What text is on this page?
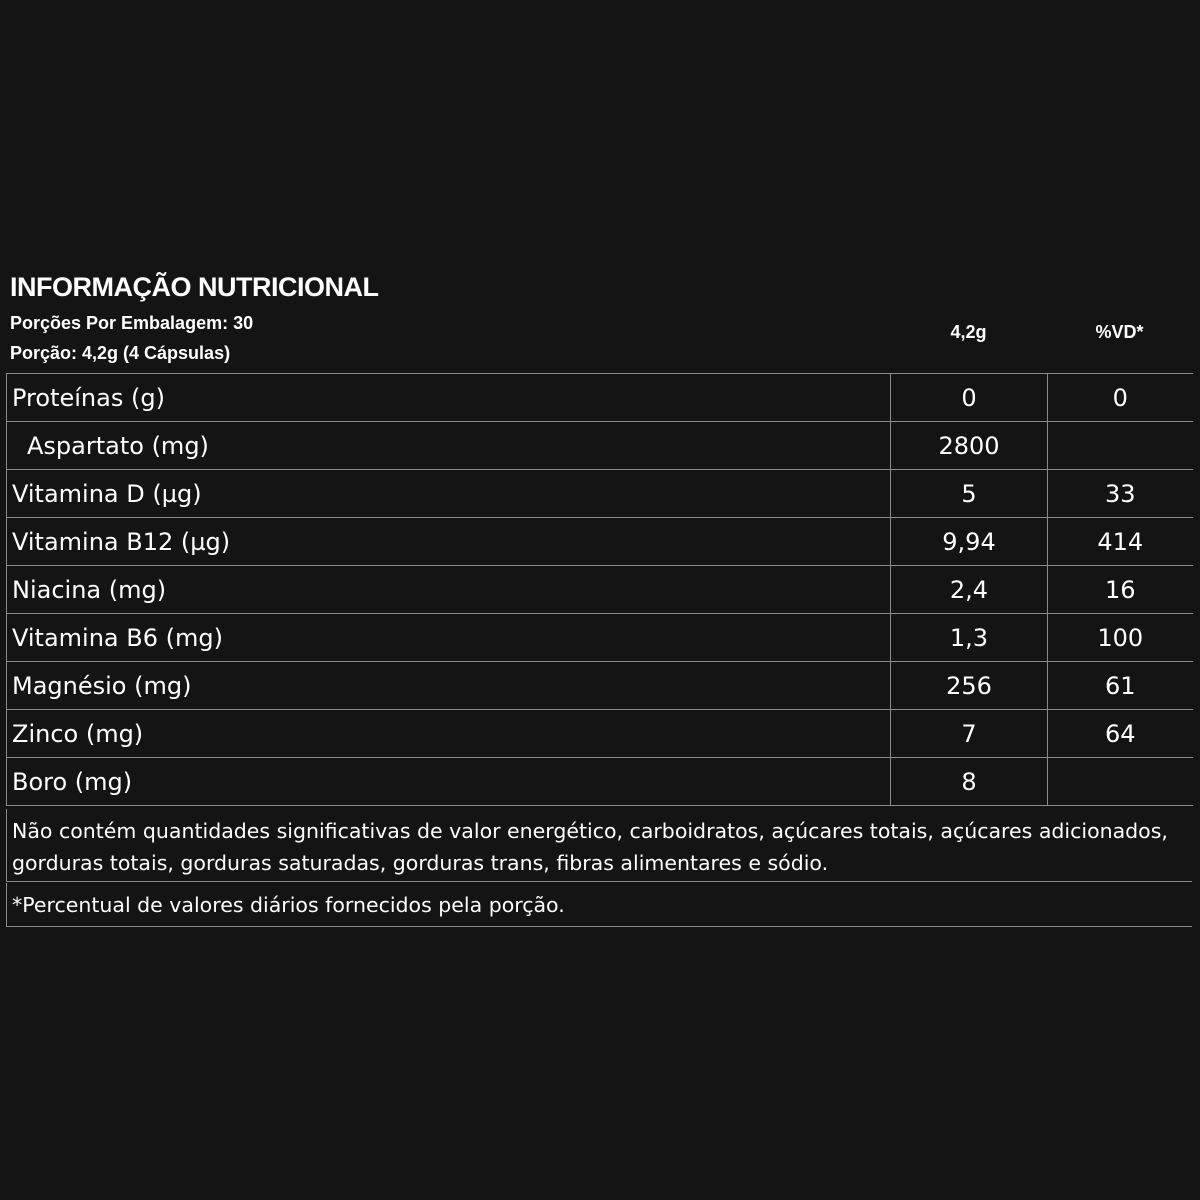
INFORMAÇÃO NUTRICIONAL
Porções Por Embalagem: 30
Porção: 4,2g (4 Cápsulas)
4,2g	%VD*
Proteínas (g)	0	0
Aspartato (mg)	2800	
Vitamina D (µg)	5	33
Vitamina B12 (µg)	9,94	414
Niacina (mg)	2,4	16
Vitamina B6 (mg)	1,3	100
Magnésio (mg)	256	61
Zinco (mg)	7	64
Boro (mg)	8	
Não contém quantidades significativas de valor energético, carboidratos, açúcares totais, açúcares adicionados, gorduras totais, gorduras saturadas, gorduras trans, fibras alimentares e sódio.
*Percentual de valores diários fornecidos pela porção.
